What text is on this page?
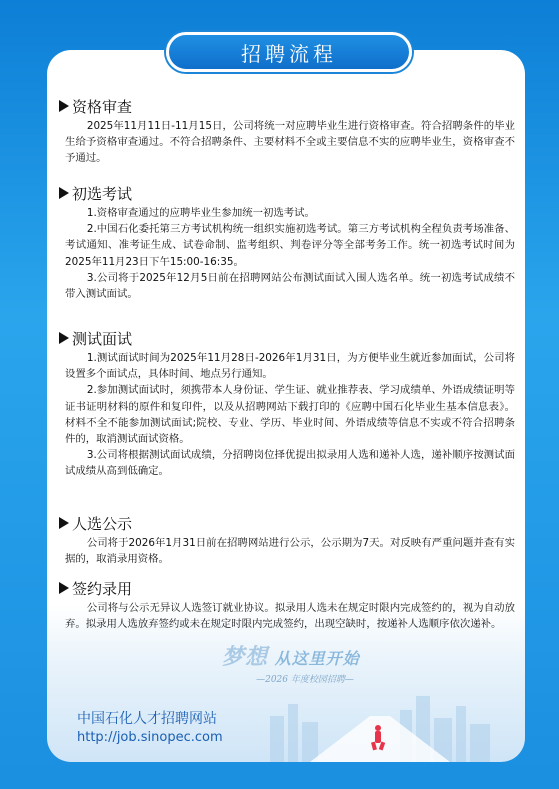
招聘流程
资格审查

2025年11月11日-11月15日，公司将统一对应聘毕业生进行资格审查。符合招聘条件的毕业生给予资格审查通过。不符合招聘条件、主要材料不全或主要信息不实的应聘毕业生，资格审查不予通过。

初选考试

1.资格审查通过的应聘毕业生参加统一初选考试。

2.中国石化委托第三方考试机构统一组织实施初选考试。第三方考试机构全程负责考场准备、考试通知、准考证生成、试卷命制、监考组织、判卷评分等全部考务工作。统一初选考试时间为2025年11月23日下午15:00-16:35。

3.公司将于2025年12月5日前在招聘网站公布测试面试入围人选名单。统一初选考试成绩不带入测试面试。

测试面试

1.测试面试时间为2025年11月28日-2026年1月31日，为方便毕业生就近参加面试，公司将设置多个面试点，具体时间、地点另行通知。

2.参加测试面试时，须携带本人身份证、学生证、就业推荐表、学习成绩单、外语成绩证明等证书证明材料的原件和复印件，以及从招聘网站下载打印的《应聘中国石化毕业生基本信息表》。材料不全不能参加测试面试;院校、专业、学历、毕业时间、外语成绩等信息不实或不符合招聘条件的，取消测试面试资格。

3.公司将根据测试面试成绩，分招聘岗位择优提出拟录用人选和递补人选，递补顺序按测试面试成绩从高到低确定。

人选公示

公司将于2026年1月31日前在招聘网站进行公示，公示期为7天。对反映有严重问题并查有实据的，取消录用资格。

签约录用

公司将与公示无异议人选签订就业协议。拟录用人选未在规定时限内完成签约的，视为自动放弃。拟录用人选放弃签约或未在规定时限内完成签约，出现空缺时，按递补人选顺序依次递补。

梦想 从这里开始
—2026 年度校园招聘—
中国石化人才招聘网站
http://job.sinopec.com
